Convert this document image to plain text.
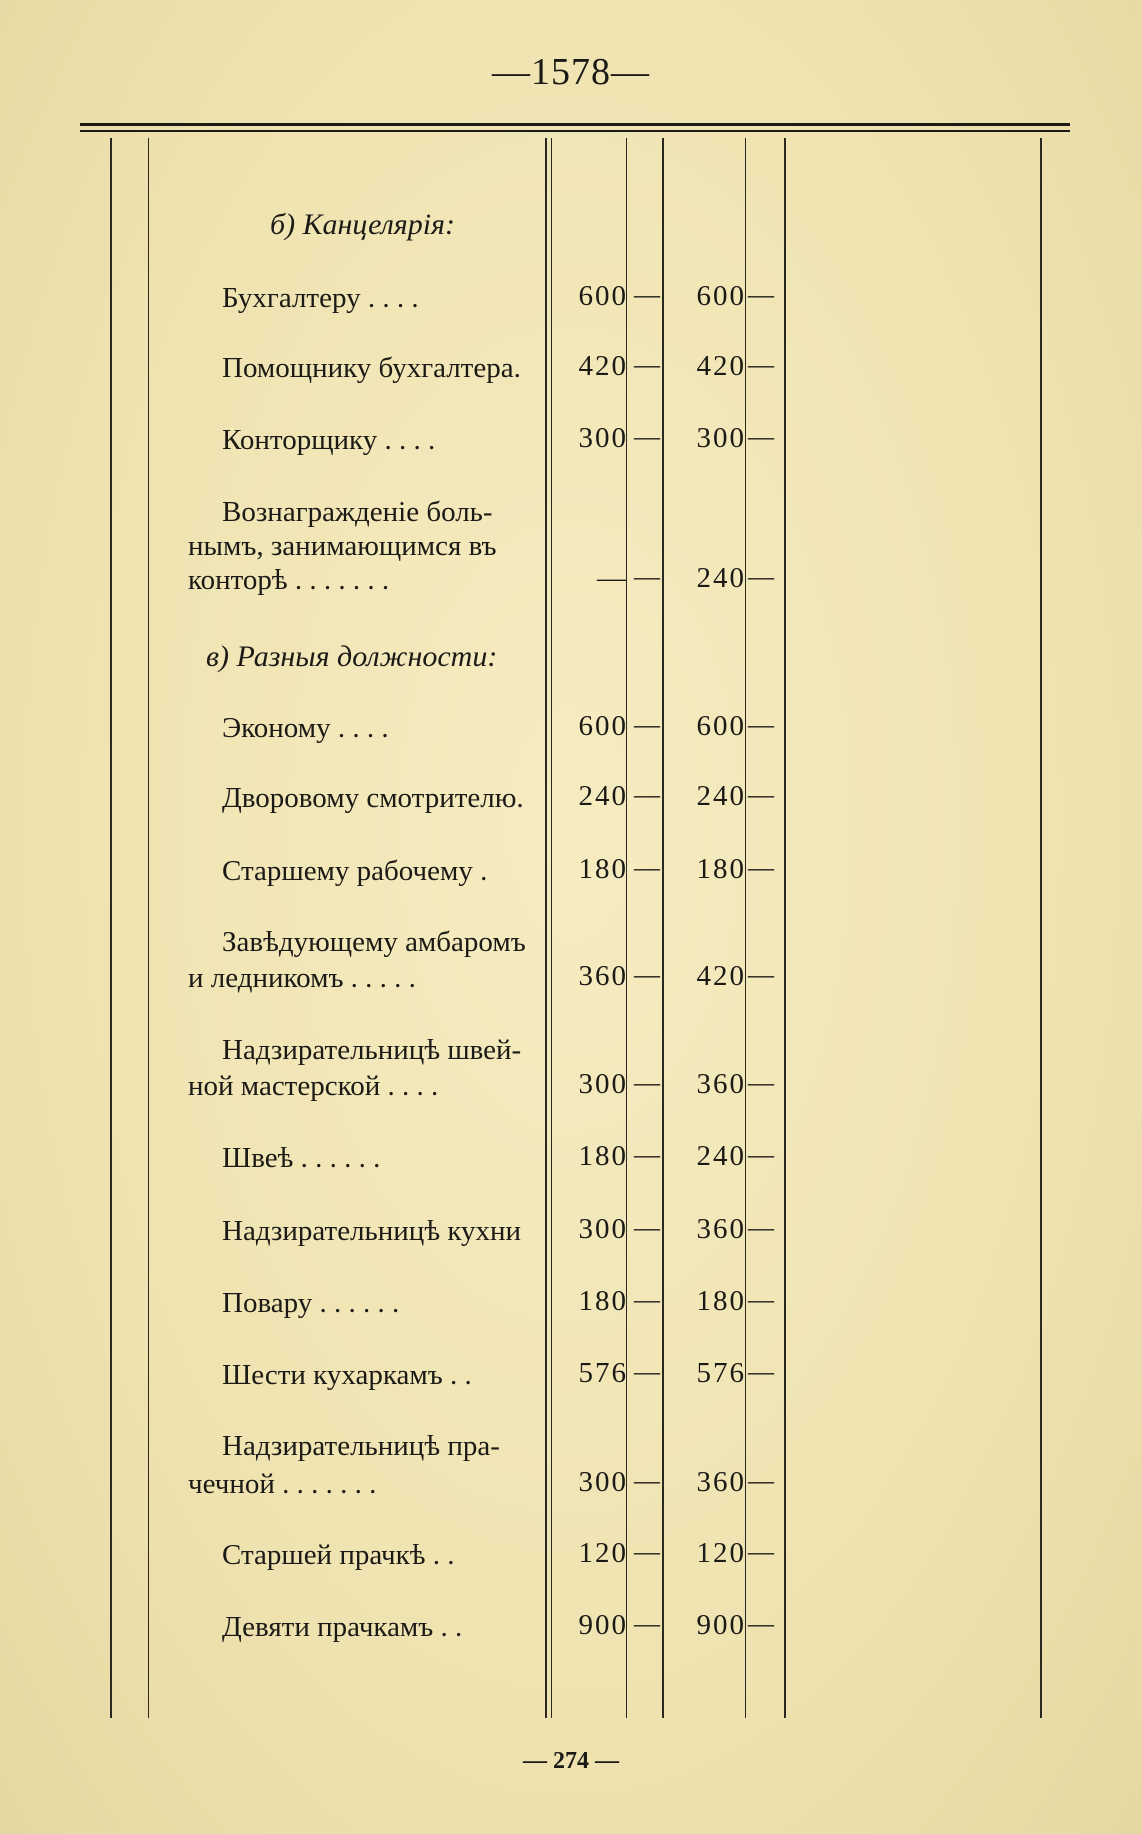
—1578—
б) Канцелярія:
в) Разныя должности:
Бухгалтеру . . . .	600 —	600 —
Помощнику бухгалтера.	420 —	420 —
Конторщику . . . .	300 —	300 —
Вознагражденіе боль-
нымъ, занимающимся въ
конторѣ . . . . . . .	— —	240 —
Эконому . . . .	600 —	600 —
Дворовому смотрителю.	240 —	240 —
Старшему рабочему .	180 —	180 —
Завѣдующему амбаромъ
и ледникомъ . . . . .	360 —	420 —
Надзирательницѣ швей-
ной мастерской . . . .	300 —	360 —
Швеѣ . . . . . .	180 —	240 —
Надзирательницѣ кухни	300 —	360 —
Повару . . . . . .	180 —	180 —
Шести кухаркамъ . .	576 —	576 —
Надзирательницѣ пра-
чечной . . . . . . .	300 —	360 —
Старшей прачкѣ . .	120 —	120 —
Девяти прачкамъ . .	900 —	900 —
— 274 —
